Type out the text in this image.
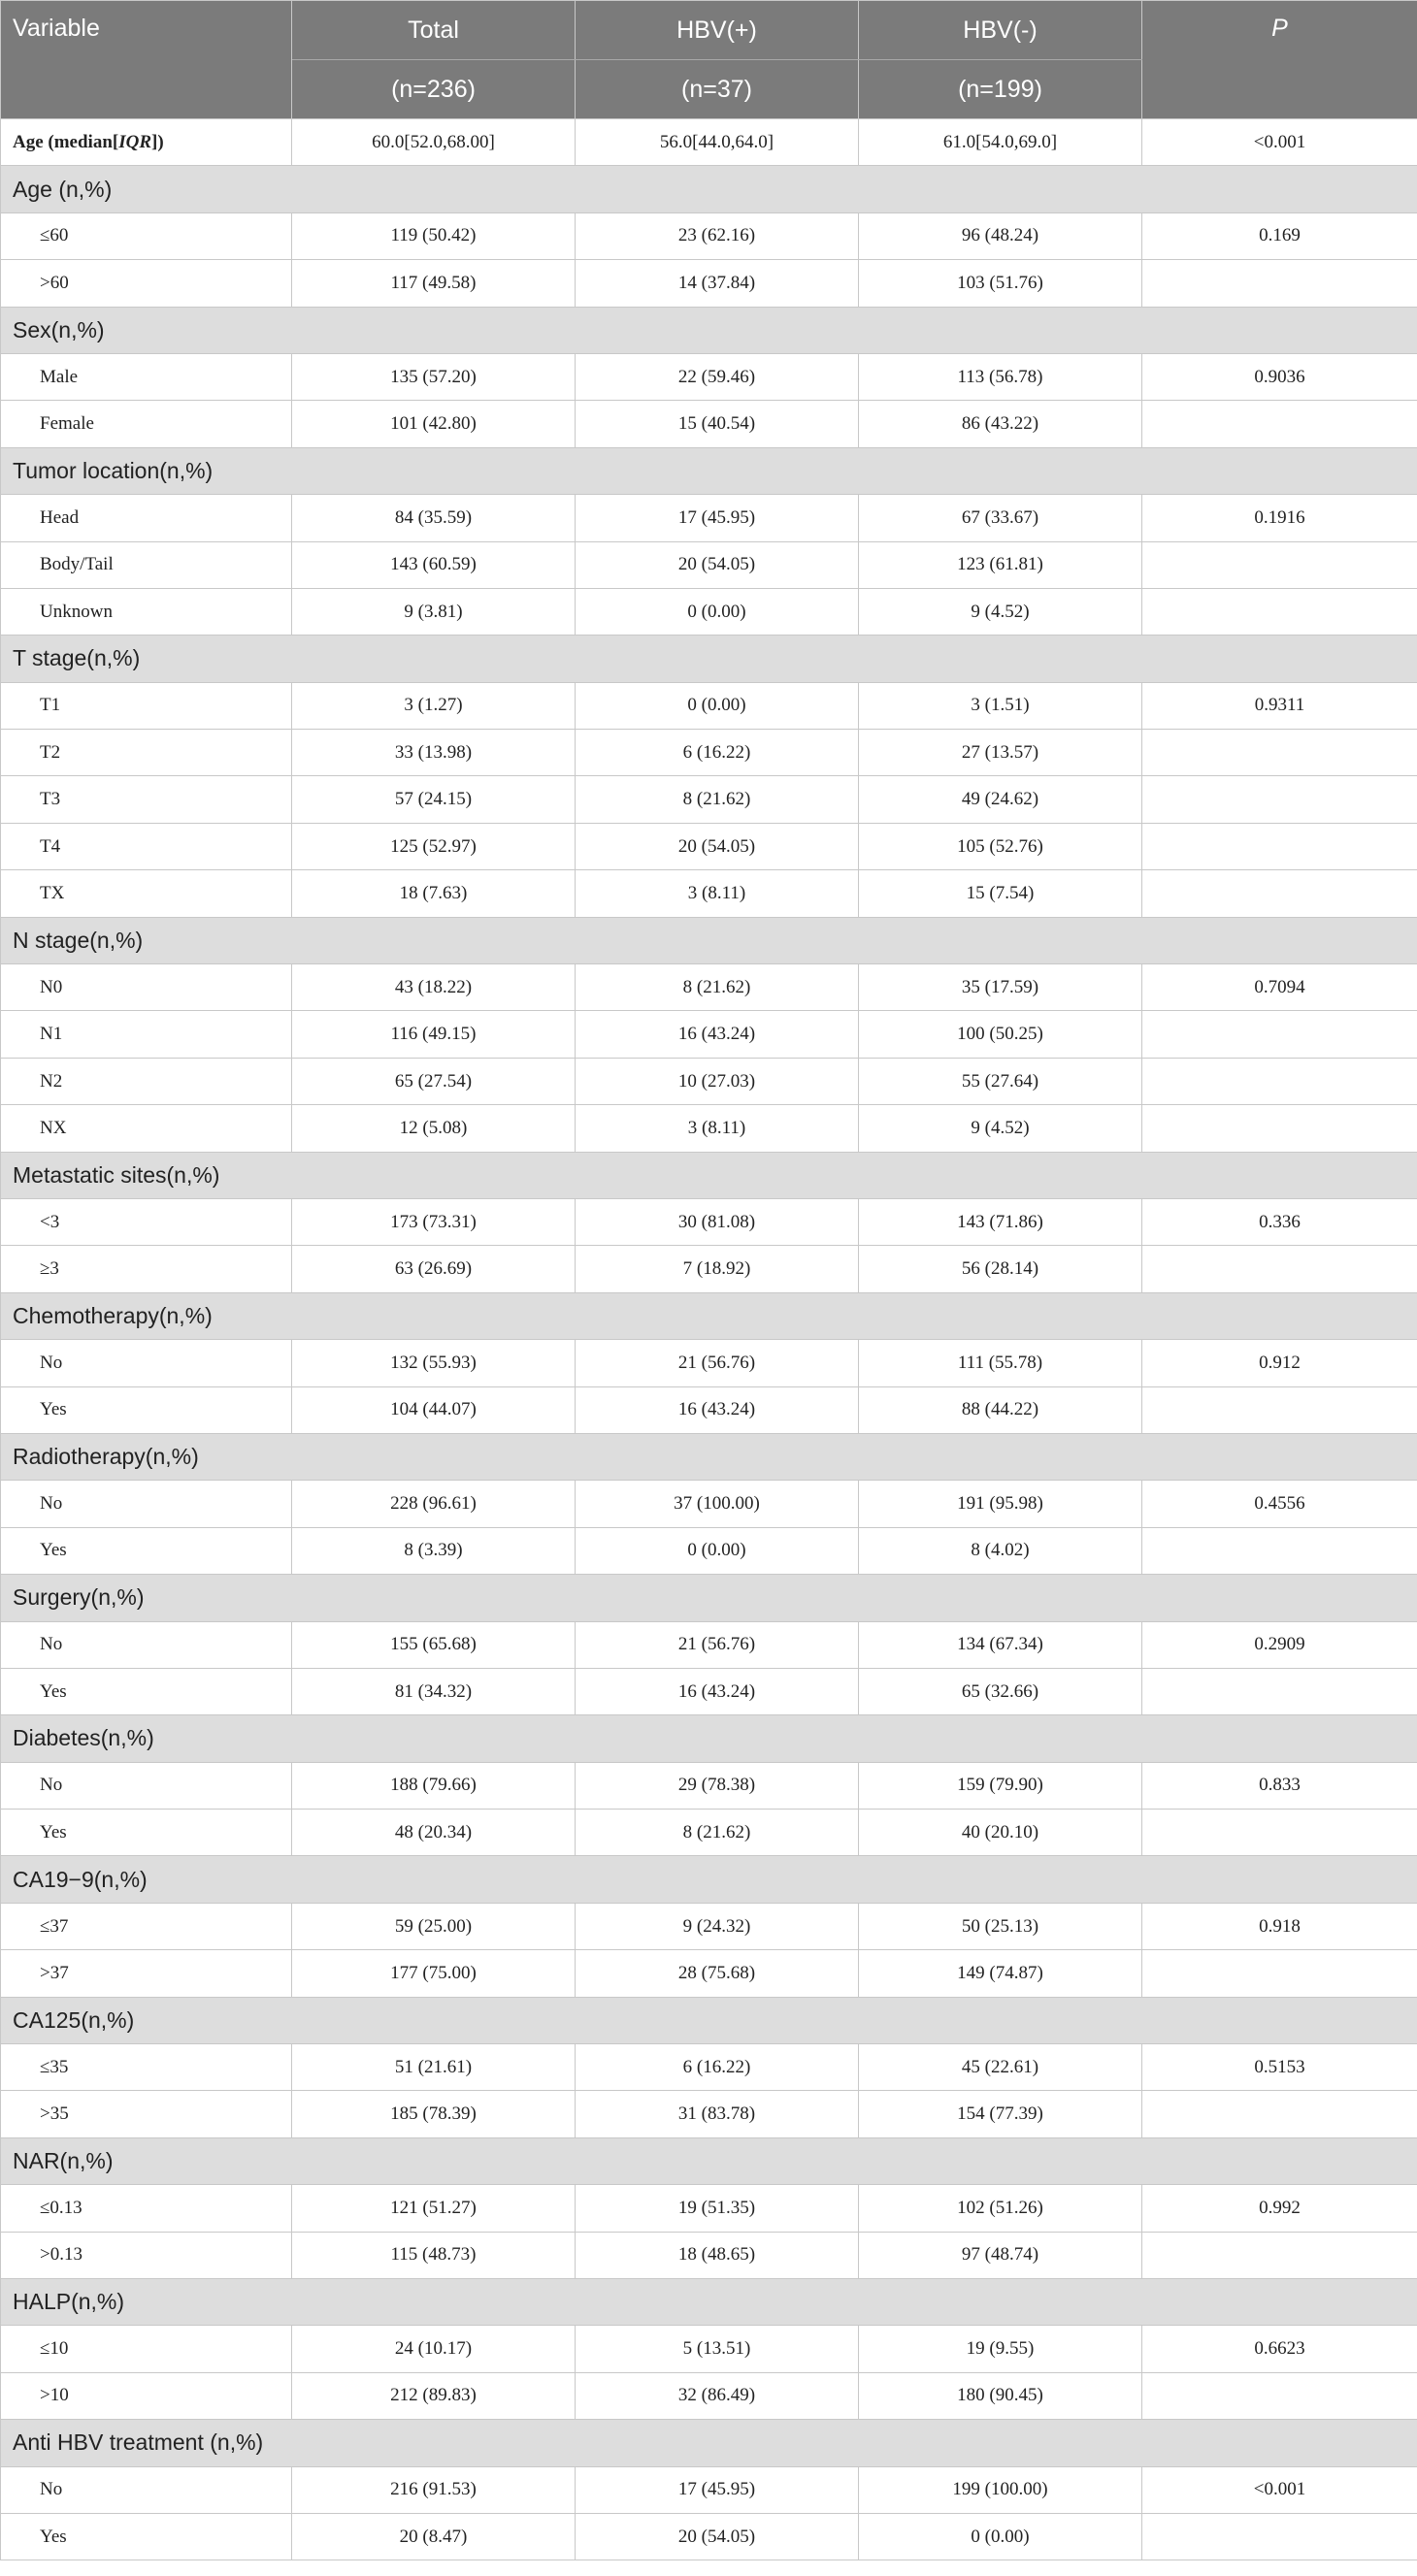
Variable	Total	HBV(+)	HBV(-)	P
	(n=236)	(n=37)	(n=199)	
Age (median[IQR])	60.0[52.0,68.00]	56.0[44.0,64.0]	61.0[54.0,69.0]	<0.001
Age (n,%)				
≤60	119 (50.42)	23 (62.16)	96 (48.24)	0.169
>60	117 (49.58)	14 (37.84)	103 (51.76)	
Sex(n,%)				
Male	135 (57.20)	22 (59.46)	113 (56.78)	0.9036
Female	101 (42.80)	15 (40.54)	86 (43.22)	
Tumor location(n,%)				
Head	84 (35.59)	17 (45.95)	67 (33.67)	0.1916
Body/Tail	143 (60.59)	20 (54.05)	123 (61.81)	
Unknown	9 (3.81)	0 (0.00)	9 (4.52)	
T stage(n,%)				
T1	3 (1.27)	0 (0.00)	3 (1.51)	0.9311
T2	33 (13.98)	6 (16.22)	27 (13.57)	
T3	57 (24.15)	8 (21.62)	49 (24.62)	
T4	125 (52.97)	20 (54.05)	105 (52.76)	
TX	18 (7.63)	3 (8.11)	15 (7.54)	
N stage(n,%)				
N0	43 (18.22)	8 (21.62)	35 (17.59)	0.7094
N1	116 (49.15)	16 (43.24)	100 (50.25)	
N2	65 (27.54)	10 (27.03)	55 (27.64)	
NX	12 (5.08)	3 (8.11)	9 (4.52)	
Metastatic sites(n,%)				
<3	173 (73.31)	30 (81.08)	143 (71.86)	0.336
≥3	63 (26.69)	7 (18.92)	56 (28.14)	
Chemotherapy(n,%)				
No	132 (55.93)	21 (56.76)	111 (55.78)	0.912
Yes	104 (44.07)	16 (43.24)	88 (44.22)	
Radiotherapy(n,%)				
No	228 (96.61)	37 (100.00)	191 (95.98)	0.4556
Yes	8 (3.39)	0 (0.00)	8 (4.02)	
Surgery(n,%)				
No	155 (65.68)	21 (56.76)	134 (67.34)	0.2909
Yes	81 (34.32)	16 (43.24)	65 (32.66)	
Diabetes(n,%)				
No	188 (79.66)	29 (78.38)	159 (79.90)	0.833
Yes	48 (20.34)	8 (21.62)	40 (20.10)	
CA19−9(n,%)				
≤37	59 (25.00)	9 (24.32)	50 (25.13)	0.918
>37	177 (75.00)	28 (75.68)	149 (74.87)	
CA125(n,%)				
≤35	51 (21.61)	6 (16.22)	45 (22.61)	0.5153
>35	185 (78.39)	31 (83.78)	154 (77.39)	
NAR(n,%)				
≤0.13	121 (51.27)	19 (51.35)	102 (51.26)	0.992
>0.13	115 (48.73)	18 (48.65)	97 (48.74)	
HALP(n,%)				
≤10	24 (10.17)	5 (13.51)	19 (9.55)	0.6623
>10	212 (89.83)	32 (86.49)	180 (90.45)	
Anti HBV treatment (n,%)				
No	216 (91.53)	17 (45.95)	199 (100.00)	<0.001
Yes	20 (8.47)	20 (54.05)	0 (0.00)	
